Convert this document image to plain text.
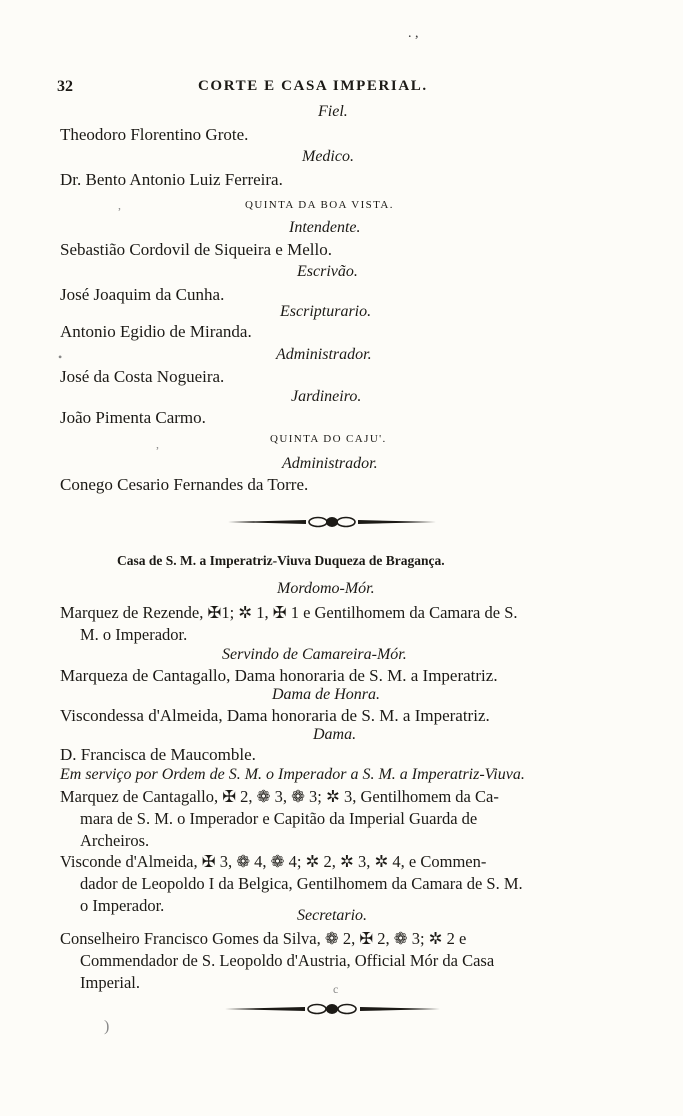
. ,
32	CORTE E CASA IMPERIAL.
Fiel.
Theodoro Florentino Grote.
Medico.
Dr. Bento Antonio Luiz Ferreira.
QUINTA DA BOA VISTA.
Intendente.
Sebastião Cordovil de Siqueira e Mello.
Escrivão.
José Joaquim da Cunha.
Escripturario.
Antonio Egidio de Miranda.
Administrador.
José da Costa Nogueira.
Jardineiro.
João Pimenta Carmo.
QUINTA DO CAJU'.
Administrador.
Conego Cesario Fernandes da Torre.
Casa de S. M. a Imperatriz-Viuva Duqueza de Bragança.
Mordomo-Mór.
Marquez de Rezende, ✠1; ✲ 1, ✠ 1 e Gentilhomem da Camara de S.
M. o Imperador.
Servindo de Camareira-Mór.
Marqueza de Cantagallo, Dama honoraria de S. M. a Imperatriz.
Dama de Honra.
Viscondessa d'Almeida, Dama honoraria de S. M. a Imperatriz.
Dama.
D. Francisca de Maucomble.
Em serviço por Ordem de S. M. o Imperador a S. M. a Imperatriz-Viuva.
Marquez de Cantagallo, ✠ 2, ❁ 3, ❁ 3; ✲ 3, Gentilhomem da Ca-
mara de S. M. o Imperador e Capitão da Imperial Guarda de
Archeiros.
Visconde d'Almeida, ✠ 3, ❁ 4, ❁ 4; ✲ 2, ✲ 3, ✲ 4, e Commen-
dador de Leopoldo I da Belgica, Gentilhomem da Camara de S. M.
o Imperador.
Secretario.
Conselheiro Francisco Gomes da Silva, ❁ 2, ✠ 2, ❁ 3; ✲ 2 e
Commendador de S. Leopoldo d'Austria, Official Mór da Casa
Imperial.
,
•
,
c
)
